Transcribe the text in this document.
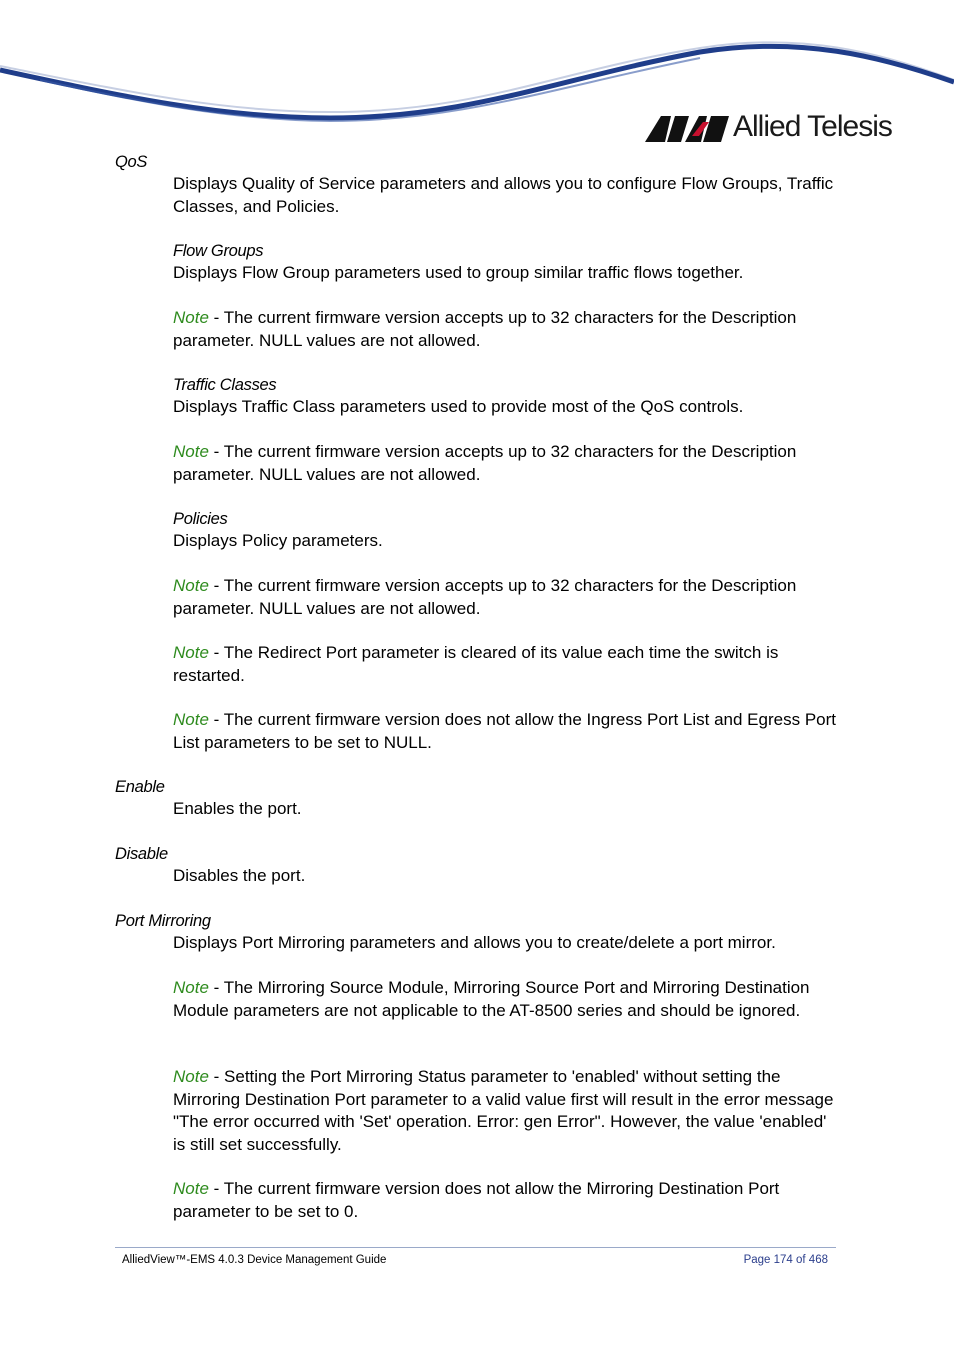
Allied Telesis
QoS
Displays Quality of Service parameters and allows you to configure Flow Groups, Traffic Classes, and Policies.
Flow Groups
Displays Flow Group parameters used to group similar traffic flows together.
Note - The current firmware version accepts up to 32 characters for the Description parameter. NULL values are not allowed.
Traffic Classes
Displays Traffic Class parameters used to provide most of the QoS controls.
Note - The current firmware version accepts up to 32 characters for the Description parameter. NULL values are not allowed.
Policies
Displays Policy parameters.
Note - The current firmware version accepts up to 32 characters for the Description parameter. NULL values are not allowed.
Note - The Redirect Port parameter is cleared of its value each time the switch is restarted.
Note - The current firmware version does not allow the Ingress Port List and Egress Port List parameters to be set to NULL.
Enable
Enables the port.
Disable
Disables the port.
Port Mirroring
Displays Port Mirroring parameters and allows you to create/delete a port mirror.
Note - The Mirroring Source Module, Mirroring Source Port and Mirroring Destination Module parameters are not applicable to the AT-8500 series and should be ignored.
Note - Setting the Port Mirroring Status parameter to 'enabled' without setting the Mirroring Destination Port parameter to a valid value first will result in the error message "The error occurred with 'Set' operation. Error: gen Error". However, the value 'enabled' is still set successfully.
Note - The current firmware version does not allow the Mirroring Destination Port parameter to be set to 0.
AlliedView™-EMS 4.0.3 Device Management Guide	Page 174 of 468
